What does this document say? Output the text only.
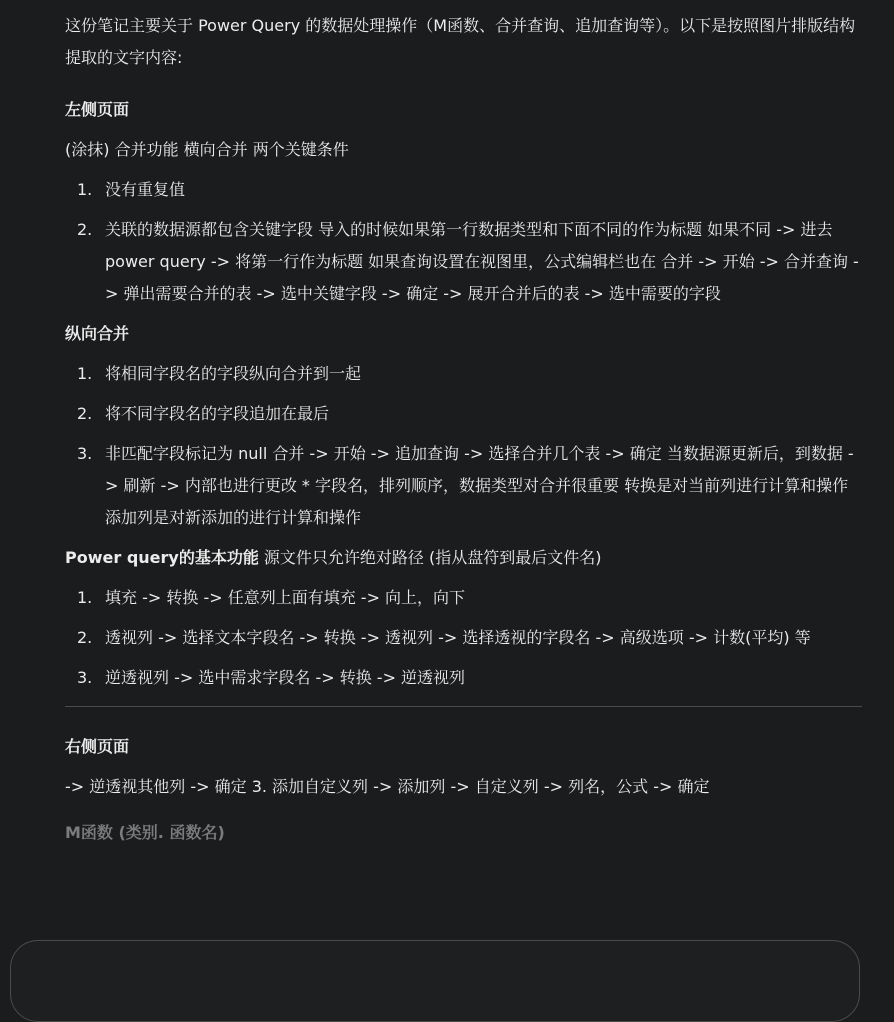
这份笔记主要关于 Power Query 的数据处理操作（M函数、合并查询、追加查询等）。以下是按照图片排版结构提取的文字内容:

左侧页面

(涂抹) 合并功能 横向合并 两个关键条件

1. 没有重复值
2. 关联的数据源都包含关键字段 导入的时候如果第一行数据类型和下面不同的作为标题 如果不同 -> 进去 power query -> 将第一行作为标题 如果查询设置在视图里，公式编辑栏也在 合并 -> 开始 -> 合并查询 -> 弹出需要合并的表 -> 选中关键字段 -> 确定 -> 展开合并后的表 -> 选中需要的字段

纵向合并

1. 将相同字段名的字段纵向合并到一起
2. 将不同字段名的字段追加在最后
3. 非匹配字段标记为 null 合并 -> 开始 -> 追加查询 -> 选择合并几个表 -> 确定 当数据源更新后，到数据 -> 刷新 -> 内部也进行更改 * 字段名，排列顺序，数据类型对合并很重要 转换是对当前列进行计算和操作 添加列是对新添加的进行计算和操作

Power query的基本功能 源文件只允许绝对路径 (指从盘符到最后文件名)

1. 填充 -> 转换 -> 任意列上面有填充 -> 向上，向下
2. 透视列 -> 选择文本字段名 -> 转换 -> 透视列 -> 选择透视的字段名 -> 高级选项 -> 计数(平均) 等
3. 逆透视列 -> 选中需求字段名 -> 转换 -> 逆透视列

右侧页面

-> 逆透视其他列 -> 确定 3. 添加自定义列 -> 添加列 -> 自定义列 -> 列名，公式 -> 确定

M函数 (类别. 函数名)
